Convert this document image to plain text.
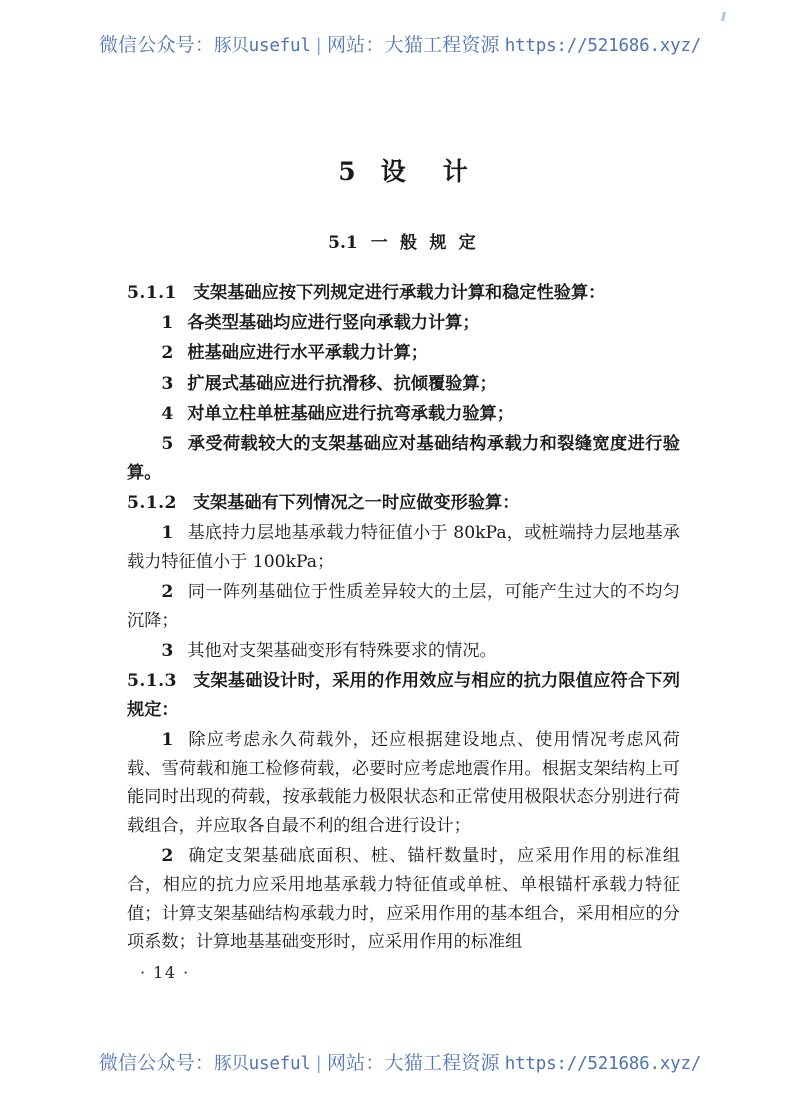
微信公众号：豚贝useful | 网站：大猫工程资源 https://521686.xyz/
5 设 计
5.1 一 般 规 定

5.1.1 支架基础应按下列规定进行承载力计算和稳定性验算：

1 各类型基础均应进行竖向承载力计算；

2 桩基础应进行水平承载力计算；

3 扩展式基础应进行抗滑移、抗倾覆验算；

4 对单立柱单桩基础应进行抗弯承载力验算；

5 承受荷载较大的支架基础应对基础结构承载力和裂缝宽度进行验算。

5.1.2 支架基础有下列情况之一时应做变形验算：

1 基底持力层地基承载力特征值小于 80kPa，或桩端持力层地基承载力特征值小于 100kPa；

2 同一阵列基础位于性质差异较大的土层，可能产生过大的不均匀沉降；

3 其他对支架基础变形有特殊要求的情况。

5.1.3 支架基础设计时，采用的作用效应与相应的抗力限值应符合下列规定：

1 除应考虑永久荷载外，还应根据建设地点、使用情况考虑风荷载、雪荷载和施工检修荷载，必要时应考虑地震作用。根据支架结构上可能同时出现的荷载，按承载能力极限状态和正常使用极限状态分别进行荷载组合，并应取各自最不利的组合进行设计；

2 确定支架基础底面积、桩、锚杆数量时，应采用作用的标准组合，相应的抗力应采用地基承载力特征值或单桩、单根锚杆承载力特征值；计算支架基础结构承载力时，应采用作用的基本组合，采用相应的分项系数；计算地基基础变形时，应采用作用的标准组

· 14 ·
微信公众号：豚贝useful | 网站：大猫工程资源 https://521686.xyz/
